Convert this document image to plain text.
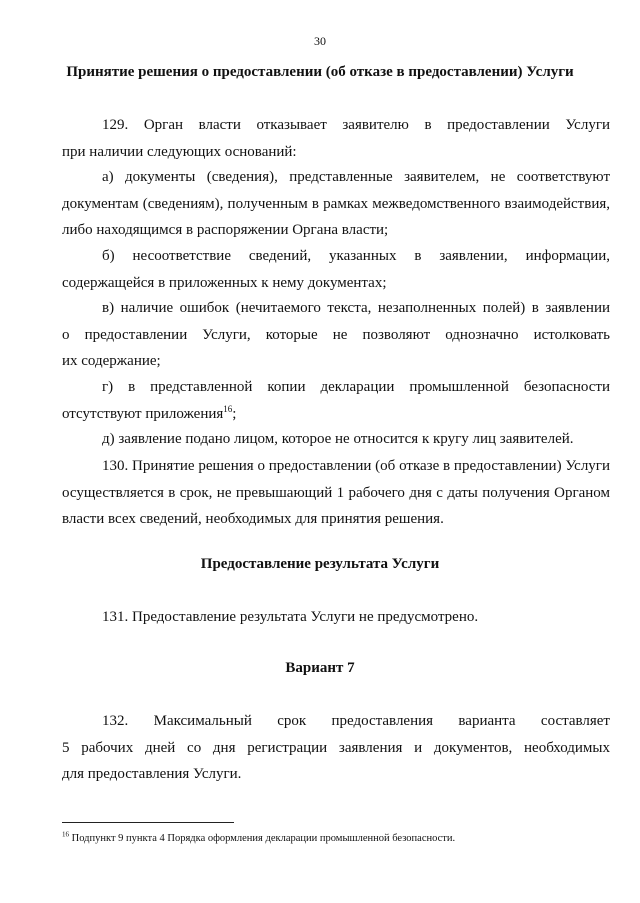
30
Принятие решения о предоставлении (об отказе в предоставлении) Услуги
129. Орган власти отказывает заявителю в предоставлении Услуги
при наличии следующих оснований:
а) документы (сведения), представленные заявителем, не соответствуют
документам (сведениям), полученным в рамках межведомственного взаимодействия,
либо находящимся в распоряжении Органа власти;
б) несоответствие сведений, указанных в заявлении, информации,
содержащейся в приложенных к нему документах;
в) наличие ошибок (нечитаемого текста, незаполненных полей) в заявлении
о предоставлении Услуги, которые не позволяют однозначно истолковать
их содержание;
г) в представленной копии декларации промышленной безопасности
отсутствуют приложения$^{16}$;
д) заявление подано лицом, которое не относится к кругу лиц заявителей.
130. Принятие решения о предоставлении (об отказе в предоставлении) Услуги
осуществляется в срок, не превышающий 1 рабочего дня с даты получения Органом
власти всех сведений, необходимых для принятия решения.
Предоставление результата Услуги
131. Предоставление результата Услуги не предусмотрено.
Вариант 7
132. Максимальный срок предоставления варианта составляет
5 рабочих дней со дня регистрации заявления и документов, необходимых
для предоставления Услуги.
$^{16}$ Подпункт 9 пункта 4 Порядка оформления декларации промышленной безопасности.
